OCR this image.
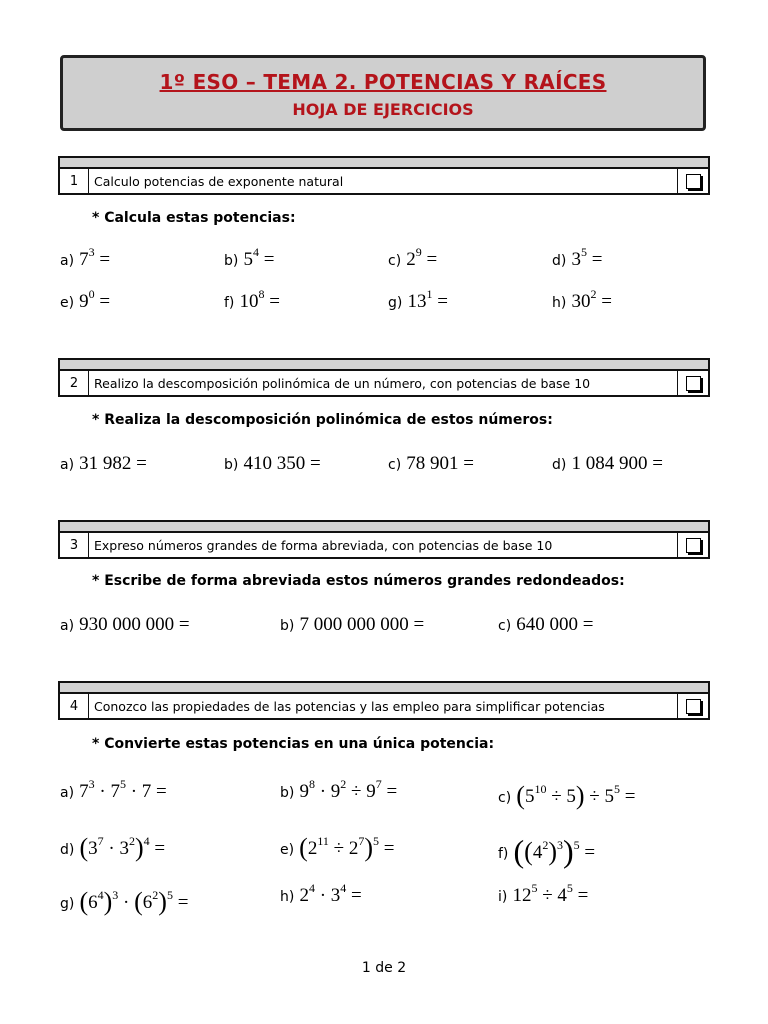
1º ESO – TEMA 2. POTENCIAS Y RAÍCES
HOJA DE EJERCICIOS
1	Calculo potencias de exponente natural
* Calcula estas potencias:
a) $7^3$ =	b) $5^4$ =	c) $2^9$ =	d) $3^5$ =
e) $9^0$ =	f) $10^8$ =	g) $13^1$ =	h) $30^2$ =
2	Realizo la descomposición polinómica de un número, con potencias de base 10
* Realiza la descomposición polinómica de estos números:
a) 31 982 =	b) 410 350 =	c) 78 901 =	d) 1 084 900 =
3	Expreso números grandes de forma abreviada, con potencias de base 10
* Escribe de forma abreviada estos números grandes redondeados:
a) 930 000 000 =	b) 7 000 000 000 =	c) 640 000 =
4	Conozco las propiedades de las potencias y las empleo para simplificar potencias
* Convierte estas potencias en una única potencia:
a) $7^3 \cdot 7^5 \cdot 7$ =	b) $9^8 \cdot 9^2 \div 9^7$ =	c) $(5^{10} \div 5) \div 5^5$ =
d) $(3^7 \cdot 3^2)^4$ =	e) $(2^{11} \div 2^7)^5$ =	f) $((4^2)^3)^5$ =
g) $(6^4)^3 \cdot (6^2)^5$ =	h) $2^4 \cdot 3^4$ =	i) $12^5 \div 4^5$ =
1 de 2
